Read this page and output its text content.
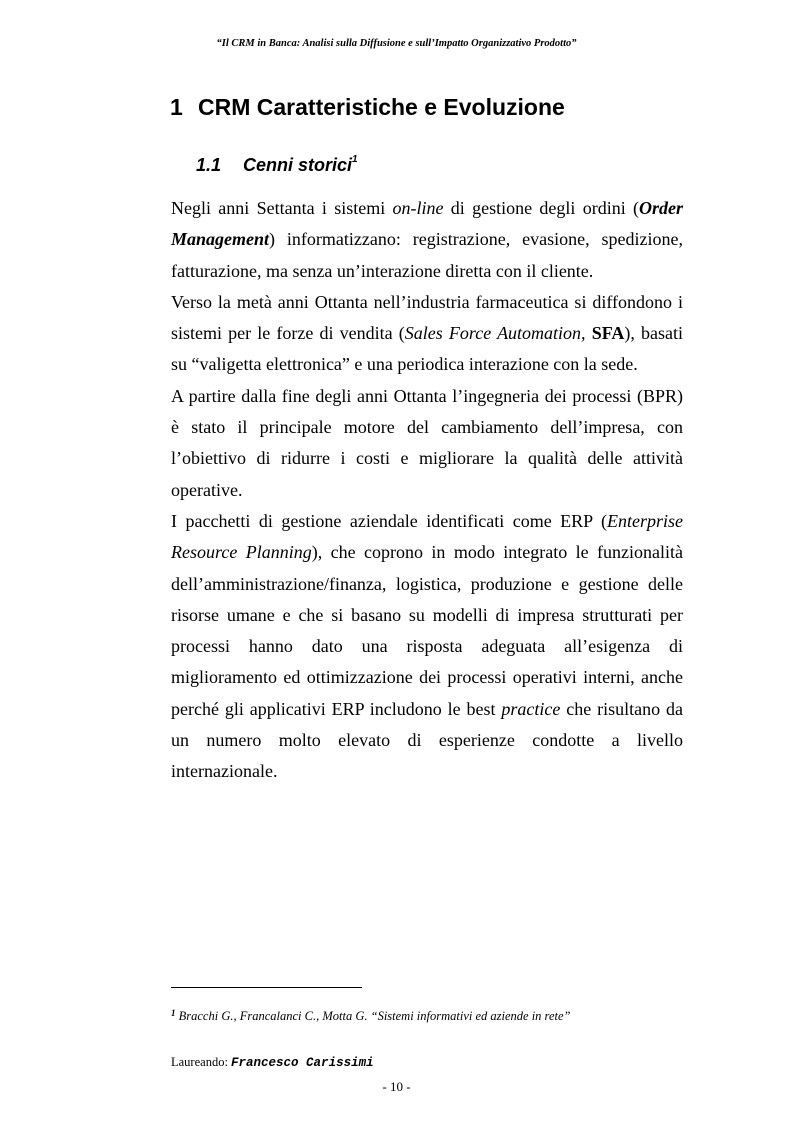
“Il CRM in Banca: Analisi sulla Diffusione e sull’Impatto Organizzativo Prodotto”
1 CRM Caratteristiche e Evoluzione
1.1 Cenni storici$^1$

Negli anni Settanta i sistemi on-line di gestione degli ordini (Order Management) informatizzano: registrazione, evasione, spedizione, fatturazione, ma senza un’interazione diretta con il cliente.

Verso la metà anni Ottanta nell’industria farmaceutica si diffondono i sistemi per le forze di vendita (Sales Force Automation, SFA), basati su “valigetta elettronica” e una periodica interazione con la sede.

A partire dalla fine degli anni Ottanta l’ingegneria dei processi (BPR) è stato il principale motore del cambiamento dell’impresa, con l’obiettivo di ridurre i costi e migliorare la qualità delle attività operative.

I pacchetti di gestione aziendale identificati come ERP (Enterprise Resource Planning), che coprono in modo integrato le funzionalità dell’amministrazione/finanza, logistica, produzione e gestione delle risorse umane e che si basano su modelli di impresa strutturati per processi hanno dato una risposta adeguata all’esigenza di miglioramento ed ottimizzazione dei processi operativi interni, anche perché gli applicativi ERP includono le best practice che risultano da un numero molto elevato di esperienze condotte a livello internazionale.

$^1$ Bracchi G., Francalanci C., Motta G. “Sistemi informativi ed aziende in rete”
Laureando: Francesco Carissimi
- 10 -
